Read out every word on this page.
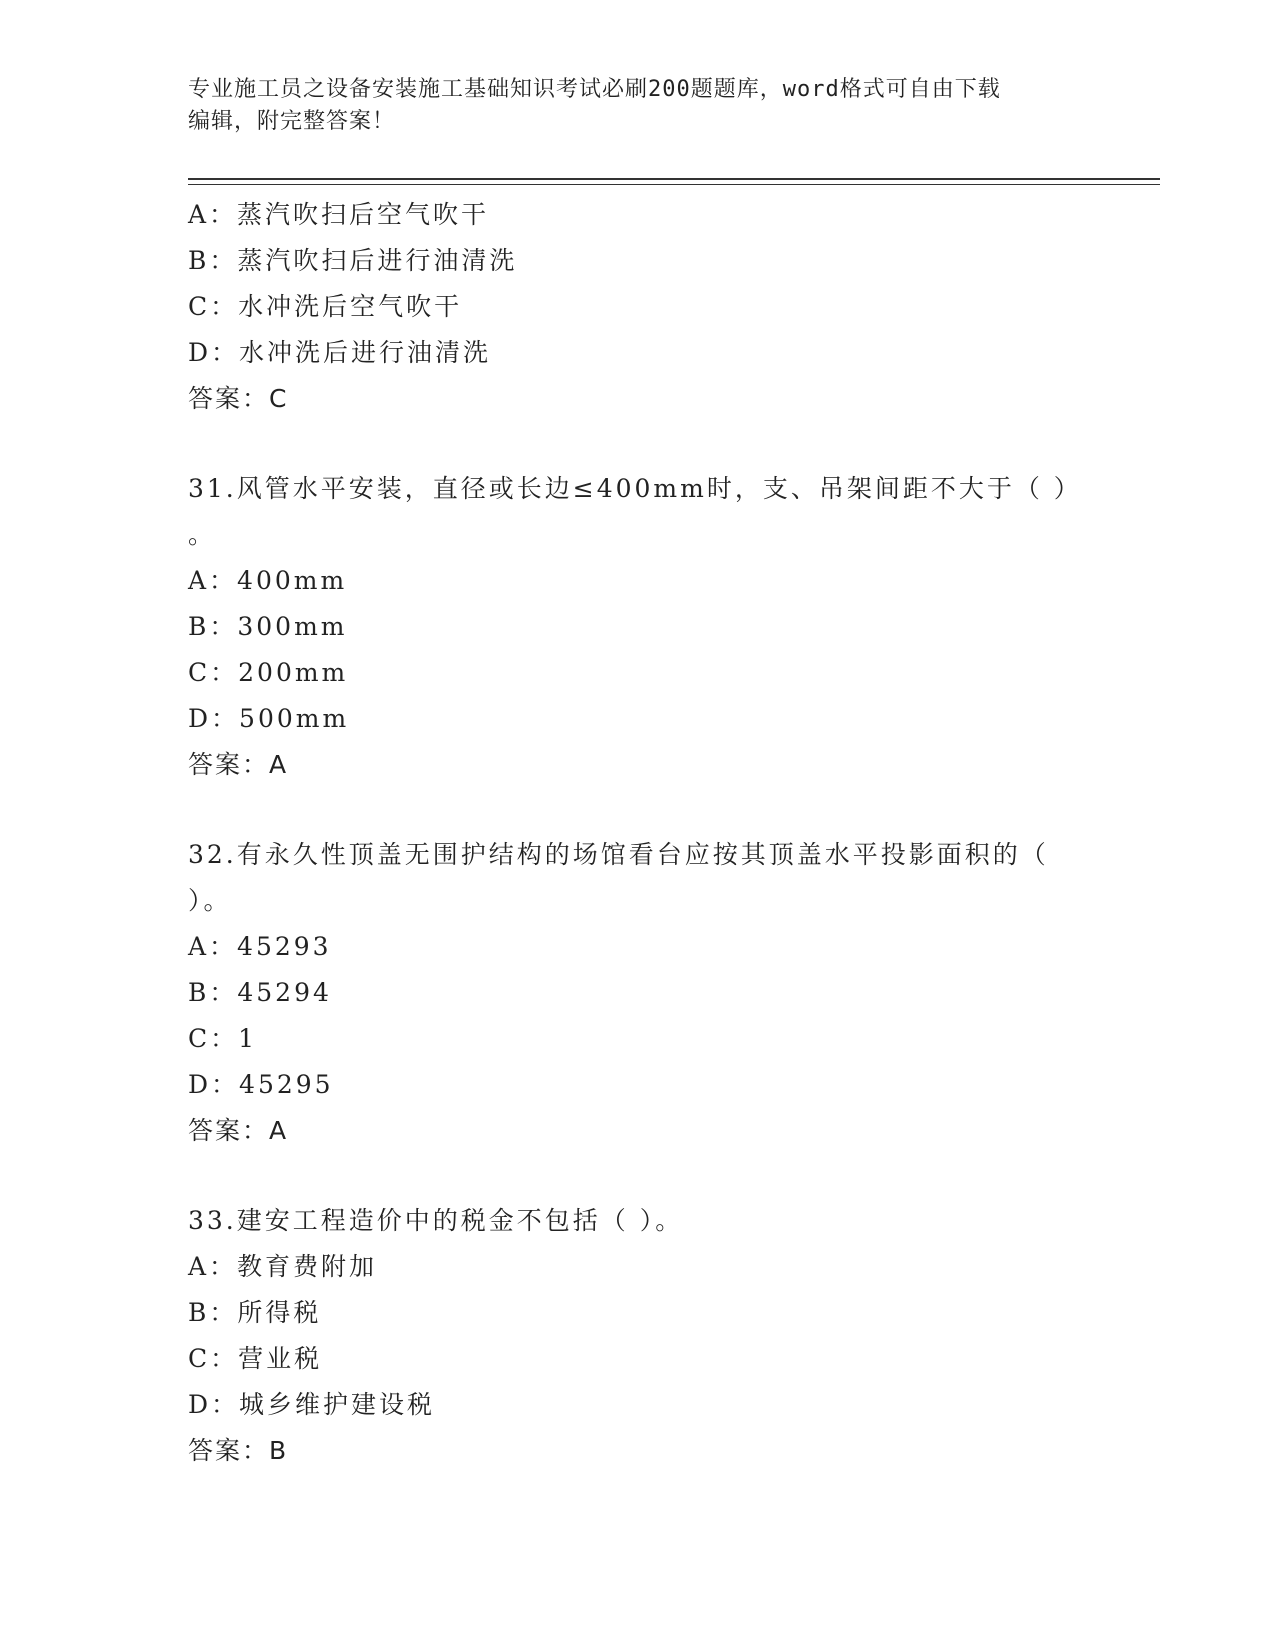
专业施工员之设备安装施工基础知识考试必刷200题题库，word格式可自由下载
编辑，附完整答案！
A：蒸汽吹扫后空气吹干
B：蒸汽吹扫后进行油清洗
C：水冲洗后空气吹干
D：水冲洗后进行油清洗
答案：C
31.风管水平安装，直径或长边≤400mm时，支、吊架间距不大于（ ）
。
A：400mm
B：300mm
C：200mm
D：500mm
答案：A
32.有永久性顶盖无围护结构的场馆看台应按其顶盖水平投影面积的（
）。
A：45293
B：45294
C：1
D：45295
答案：A
33.建安工程造价中的税金不包括（ ）。
A：教育费附加
B：所得税
C：营业税
D：城乡维护建设税
答案：B
